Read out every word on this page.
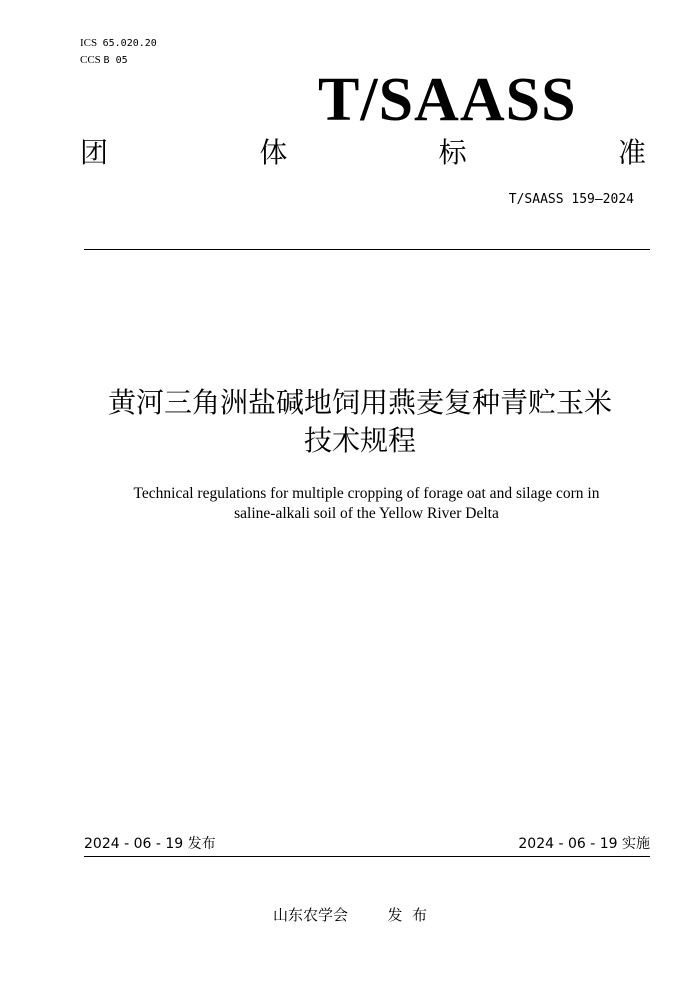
ICS 65.020.20
CCS B 05
T/SAASS
团	体	标	准
T/SAASS 159—2024
黄河三角洲盐碱地饲用燕麦复种青贮玉米
技术规程
Technical regulations for multiple cropping of forage oat and silage corn in
saline-alkali soil of the Yellow River Delta
2024 - 06 - 19 发布	2024 - 06 - 19 实施
山东农学会	发  布
